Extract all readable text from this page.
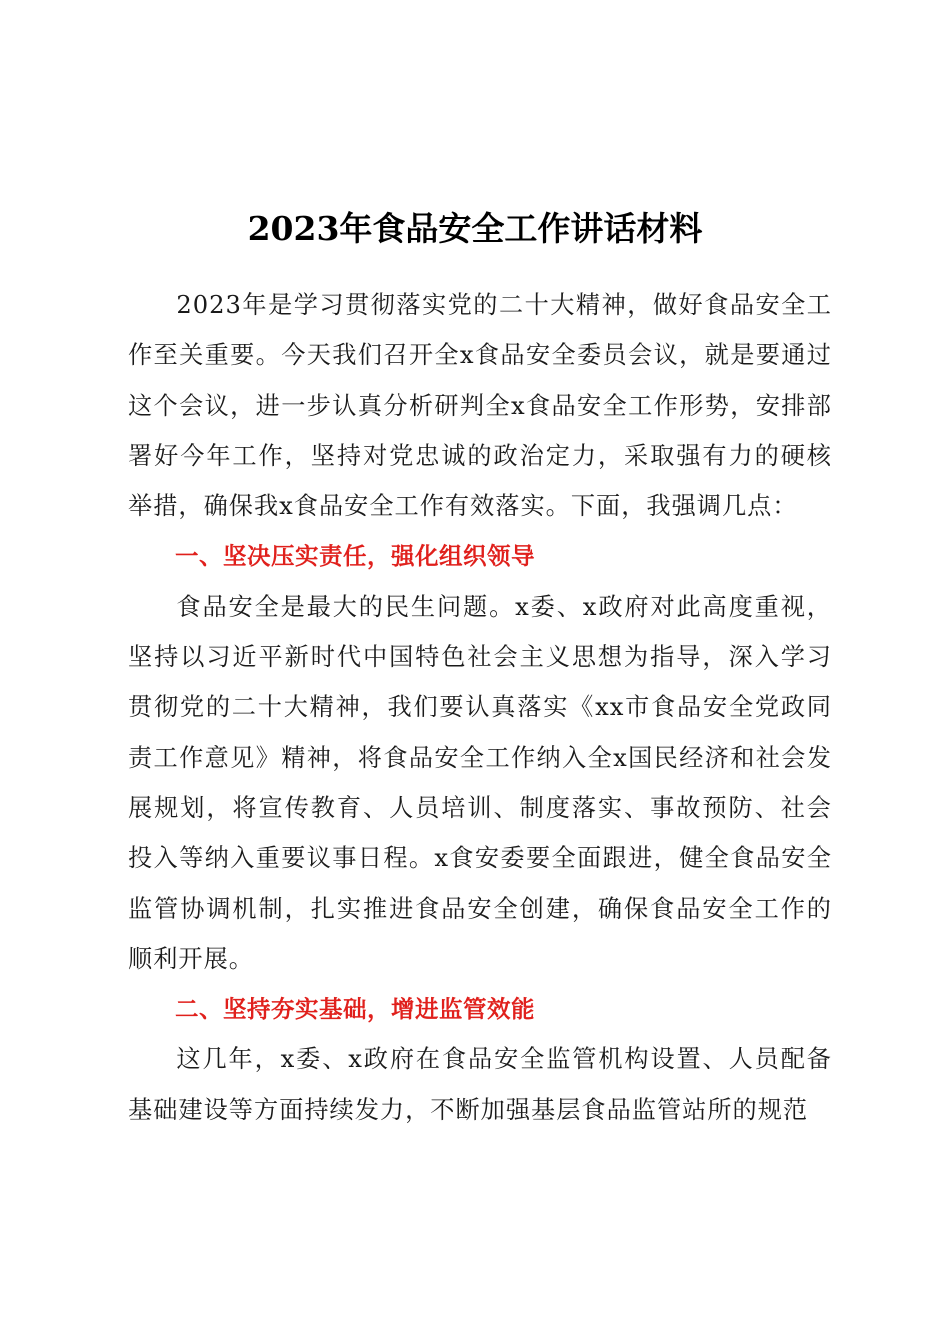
2023年食品安全工作讲话材料

2023年是学习贯彻落实党的二十大精神，做好食品安全工作至关重要。今天我们召开全x食品安全委员会议，就是要通过这个会议，进一步认真分析研判全x食品安全工作形势，安排部署好今年工作，坚持对党忠诚的政治定力，采取强有力的硬核举措，确保我x食品安全工作有效落实。下面，我强调几点：

一、坚决压实责任，强化组织领导

食品安全是最大的民生问题。x委、x政府对此高度重视，坚持以习近平新时代中国特色社会主义思想为指导，深入学习贯彻党的二十大精神，我们要认真落实《xx市食品安全党政同责工作意见》精神，将食品安全工作纳入全x国民经济和社会发展规划，将宣传教育、人员培训、制度落实、事故预防、社会投入等纳入重要议事日程。x食安委要全面跟进，健全食品安全监管协调机制，扎实推进食品安全创建，确保食品安全工作的顺利开展。

二、坚持夯实基础，增进监管效能

这几年，x委、x政府在食品安全监管机构设置、人员配备基础建设等方面持续发力，不断加强基层食品监管站所的规范
